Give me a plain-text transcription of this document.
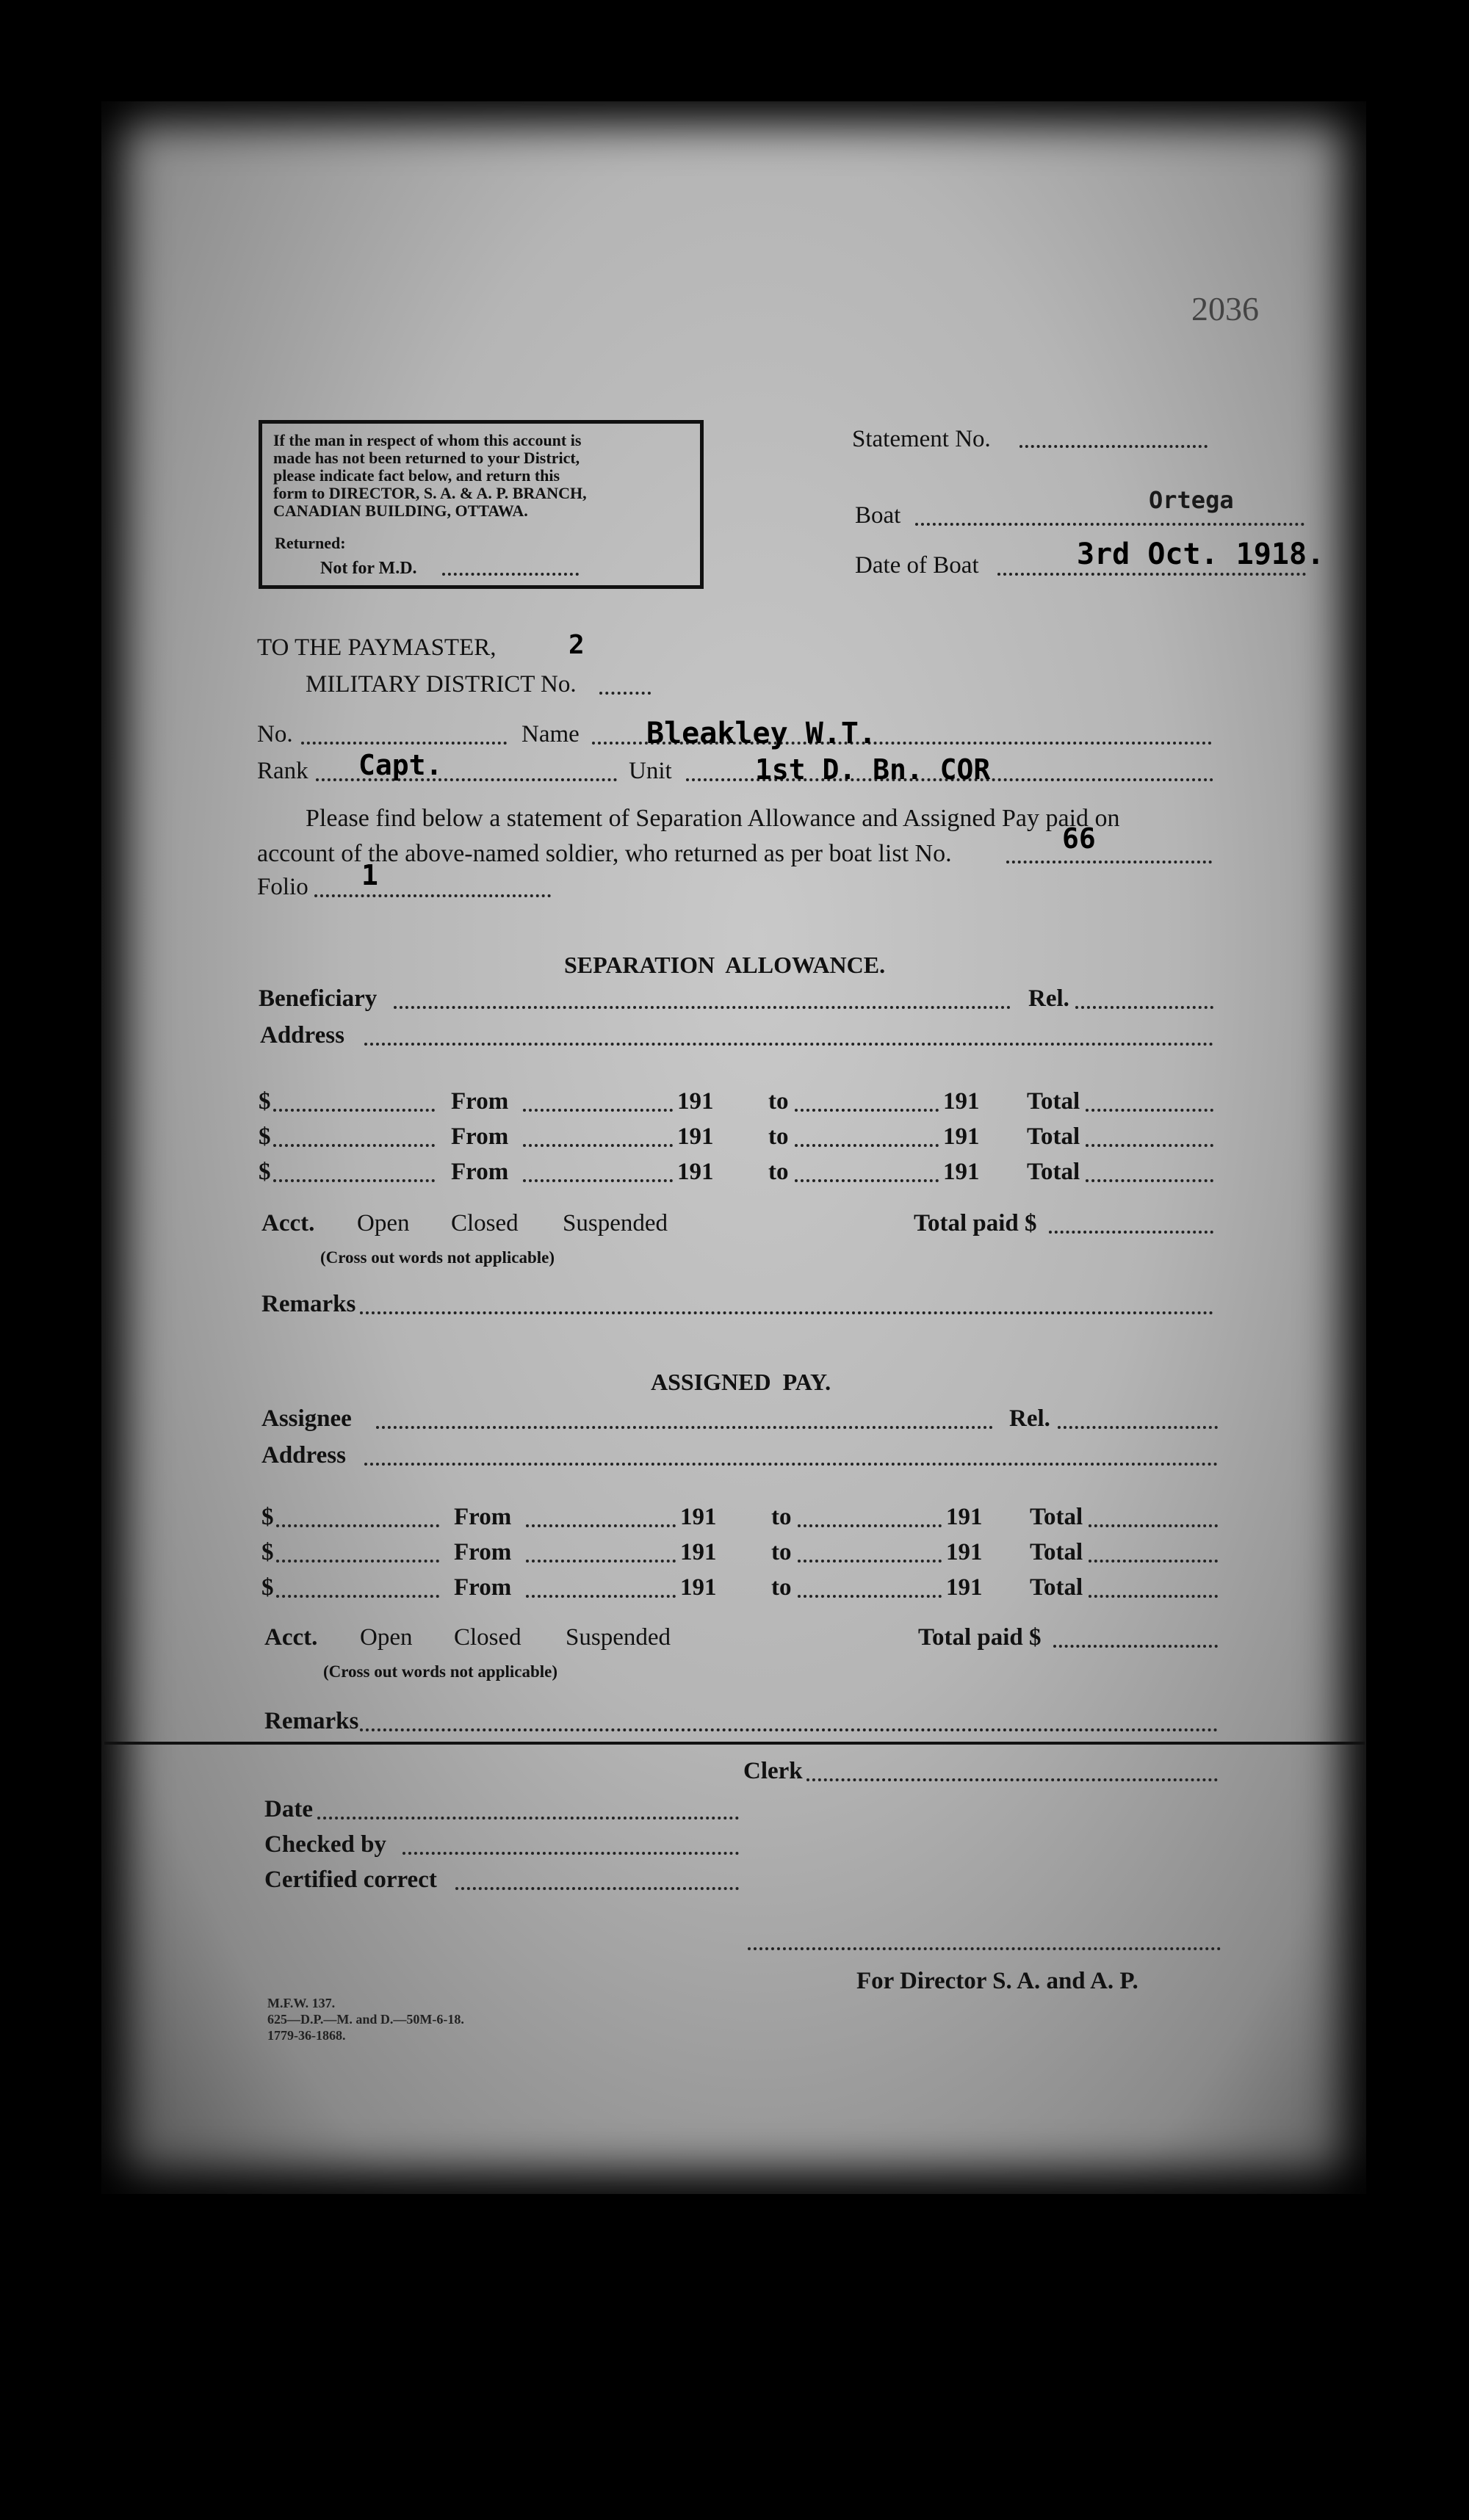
2036
If the man in respect of whom this account is
made has not been returned to your District,
please indicate fact below, and return this
form to DIRECTOR, S. A. & A. P. BRANCH,
CANADIAN BUILDING, OTTAWA.
Returned:
Not for M.D.
Statement No.
Boat
Ortega
Date of Boat	3rd Oct. 1918.
TO THE PAYMASTER,	2
MILITARY DISTRICT No.
No.	Name Bleakley W.T.
Rank Capt.	Unit	1st D. Bn. COR
Please find below a statement of Separation Allowance and Assigned Pay paid on
account of the above-named soldier, who returned as per boat list No.	66
Folio 1
SEPARATION  ALLOWANCE.
Beneficiary	Rel.
Address
$	From	191 to	191 Total
$	From	191 to	191 Total
$	From	191 to	191 Total
Acct. Open Closed Suspended	Total paid $
(Cross out words not applicable)
Remarks
ASSIGNED  PAY.
Assignee	Rel.
Address
$	From	191 to	191 Total
$	From	191 to	191 Total
$	From	191 to	191 Total
Acct. Open Closed Suspended	Total paid $
(Cross out words not applicable)
Remarks
Clerk
Date
Checked by
Certified correct
For Director S. A. and A. P.
M.F.W. 137.
625—D.P.—M. and D.—50M-6-18.
1779-36-1868.
